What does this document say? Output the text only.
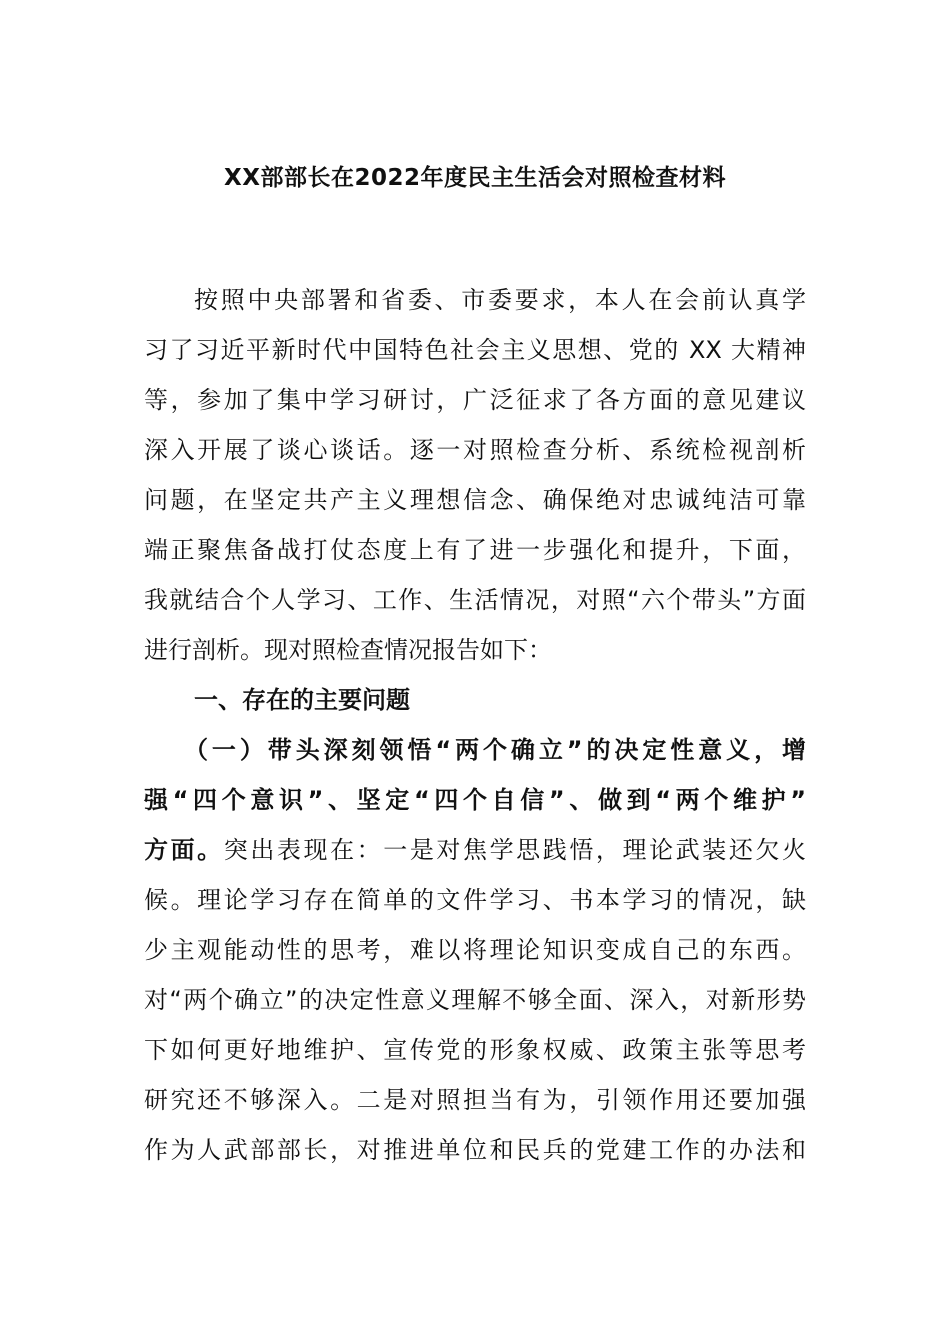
XX部部长在2022年度民主生活会对照检查材料
按照中央部署和省委、市委要求，本人在会前认真学
习了习近平新时代中国特色社会主义思想、党的 XX 大精神
等，参加了集中学习研讨，广泛征求了各方面的意见建议
深入开展了谈心谈话。逐一对照检查分析、系统检视剖析
问题，在坚定共产主义理想信念、确保绝对忠诚纯洁可靠
端正聚焦备战打仗态度上有了进一步强化和提升，下面，
我就结合个人学习、工作、生活情况，对照“六个带头”方面
进行剖析。现对照检查情况报告如下：
一、存在的主要问题
（一）带头深刻领悟“两个确立”的决定性意义，增
强“四个意识”、坚定“四个自信”、做到“两个维护”
方面。突出表现在：一是对焦学思践悟，理论武装还欠火
候。理论学习存在简单的文件学习、书本学习的情况，缺
少主观能动性的思考，难以将理论知识变成自己的东西。
对“两个确立”的决定性意义理解不够全面、深入，对新形势
下如何更好地维护、宣传党的形象权威、政策主张等思考
研究还不够深入。二是对照担当有为，引领作用还要加强
作为人武部部长，对推进单位和民兵的党建工作的办法和
